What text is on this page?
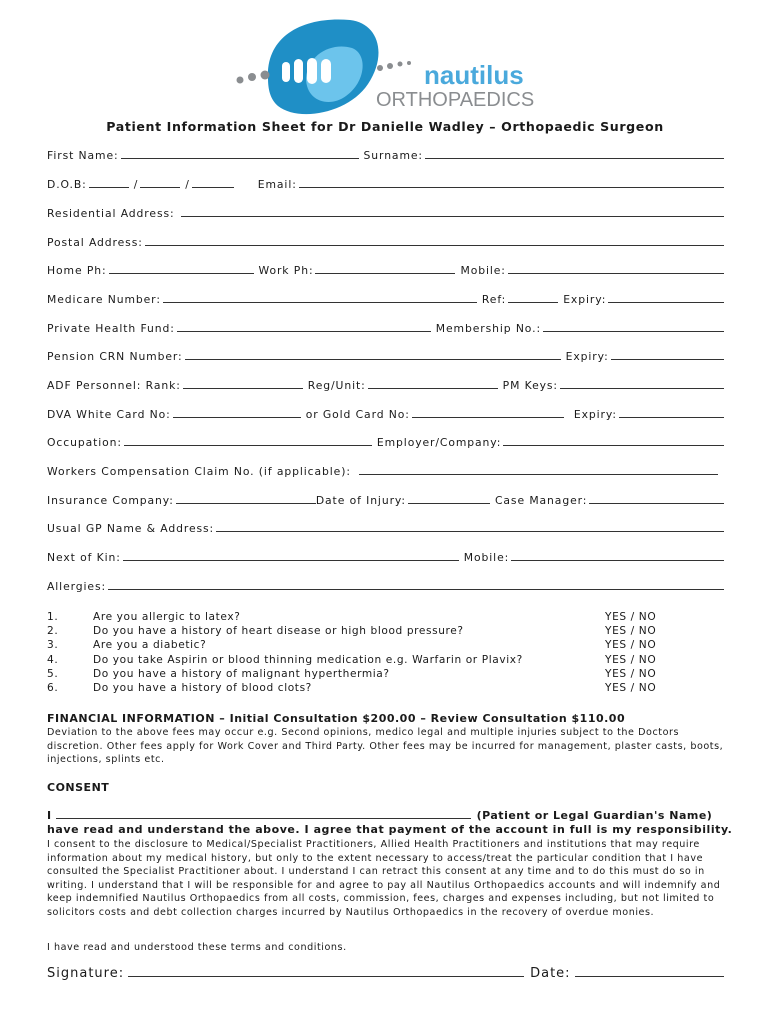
nautilus
ORTHOPAEDICS
Patient Information Sheet for Dr Danielle Wadley – Orthopaedic Surgeon
First Name:	Surname:
D.O.B:	/	/	Email:
Residential Address:
Postal Address:
Home Ph:	Work Ph:	Mobile:
Medicare Number:	Ref:	Expiry:
Private Health Fund:	Membership No.:
Pension CRN Number:	Expiry:
ADF Personnel: Rank:	Reg/Unit:	PM Keys:
DVA White Card No:	or Gold Card No:	Expiry:
Occupation:	Employer/Company:
Workers Compensation Claim No. (if applicable):
Insurance Company:	Date of Injury:	Case Manager:
Usual GP Name & Address:
Next of Kin:	Mobile:
Allergies:
1.	Are you allergic to latex?	YES / NO
2.	Do you have a history of heart disease or high blood pressure?	YES / NO
3.	Are you a diabetic?	YES / NO
4.	Do you take Aspirin or blood thinning medication e.g. Warfarin or Plavix?	YES / NO
5.	Do you have a history of malignant hyperthermia?	YES / NO
6.	Do you have a history of blood clots?	YES / NO
FINANCIAL INFORMATION – Initial Consultation $200.00 – Review Consultation $110.00
Deviation to the above fees may occur e.g. Second opinions, medico legal and multiple injuries subject to the Doctors discretion. Other fees apply for Work Cover and Third Party. Other fees may be incurred for management, plaster casts, boots, injections, splints etc.
CONSENT
I	(Patient or Legal Guardian's Name)
have read and understand the above. I agree that payment of the account in full is my responsibility.
I consent to the disclosure to Medical/Specialist Practitioners, Allied Health Practitioners and institutions that may require information about my medical history, but only to the extent necessary to access/treat the particular condition that I have consulted the Specialist Practitioner about. I understand I can retract this consent at any time and to do this must do so in writing. I understand that I will be responsible for and agree to pay all Nautilus Orthopaedics accounts and will indemnify and keep indemnified Nautilus Orthopaedics from all costs, commission, fees, charges and expenses including, but not limited to solicitors costs and debt collection charges incurred by Nautilus Orthopaedics in the recovery of overdue monies.
I have read and understood these terms and conditions.
Signature:	Date:
